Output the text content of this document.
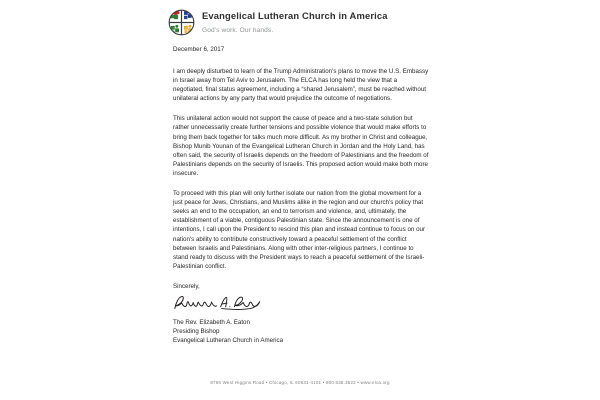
Evangelical Lutheran Church in America
God's work. Our hands.
December 6, 2017

I am deeply disturbed to learn of the Trump Administration's plans to move the U.S. Embassy in Israel away from Tel Aviv to Jerusalem. The ELCA has long held the view that a negotiated, final status agreement, including a “shared Jerusalem”, must be reached without unilateral actions by any party that would prejudice the outcome of negotiations.

This unilateral action would not support the cause of peace and a two-state solution but rather unnecessarily create further tensions and possible violence that would make efforts to bring them back together for talks much more difficult. As my brother in Christ and colleague, Bishop Munib Younan of the Evangelical Lutheran Church in Jordan and the Holy Land, has often said, the security of Israelis depends on the freedom of Palestinians and the freedom of Palestinians depends on the security of Israelis. This proposed action would make both more insecure.

To proceed with this plan will only further isolate our nation from the global movement for a just peace for Jews, Christians, and Muslims alike in the region and our church's policy that seeks an end to the occupation, an end to terrorism and violence, and, ultimately, the establishment of a viable, contiguous Palestinian state. Since the announcement is one of intentions, I call upon the President to rescind this plan and instead continue to focus on our nation's ability to contribute constructively toward a peaceful settlement of the conflict between Israelis and Palestinians. Along with other inter-religious partners, I continue to stand ready to discuss with the President ways to reach a peaceful settlement of the Israeli-Palestinian conflict.

Sincerely,
The Rev. Elizabeth A. Eaton
Presiding Bishop
Evangelical Lutheran Church in America
8765 West Higgins Road • Chicago, IL 60631-4101 • 800.638.3522 • www.elca.org
